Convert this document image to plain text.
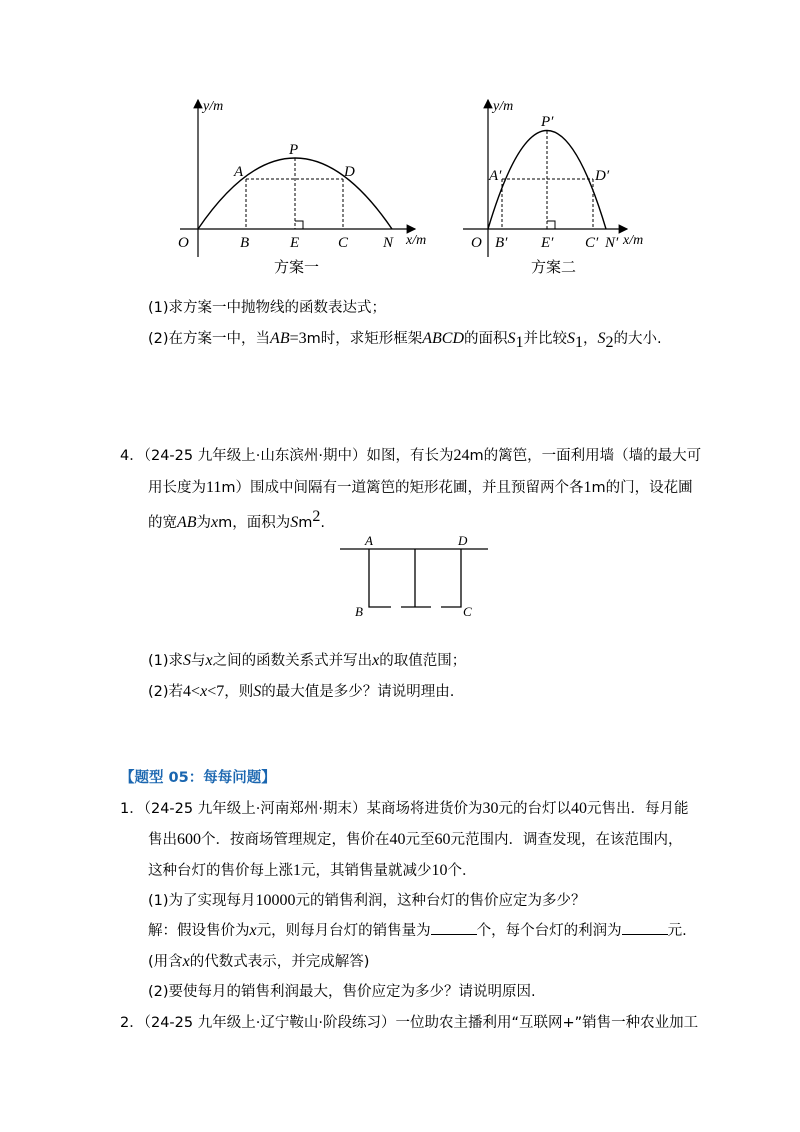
y/m
x/m
O
A
P
D
B	E	C N
方案一
y/m
x/m
O
A′
P′
D′
B′ E′ C′ N′
方案二
(1)求方案一中抛物线的函数表达式；
(2)在方案一中，当AB=3m时，求矩形框架ABCD的面积$S_1$并比较$S_1$，$S_2$的大小.
4．（24-25 九年级上·山东滨州·期中）如图，有长为24m的篱笆，一面利用墙（墙的最大可
用长度为11m）围成中间隔有一道篱笆的矩形花圃，并且预留两个各1m的门，设花圃
的宽AB为xm，面积为Sm$^2$.
A	D
B	C
(1)求S与x之间的函数关系式并写出x的取值范围；
(2)若4<x<7，则S的最大值是多少？请说明理由.
【题型 05：每每问题】
1．（24-25 九年级上·河南郑州·期末）某商场将进货价为30元的台灯以40元售出．每月能
售出600个．按商场管理规定，售价在40元至60元范围内．调查发现，在该范围内，
这种台灯的售价每上涨1元，其销售量就减少10个．
(1)为了实现每月10000元的销售利润，这种台灯的售价应定为多少？
解：假设售价为x元，则每月台灯的销售量为	个，每个台灯的利润为	元.
(用含x的代数式表示，并完成解答)
(2)要使每月的销售利润最大，售价应定为多少？请说明原因.
2．（24-25 九年级上·辽宁鞍山·阶段练习）一位助农主播利用“互联网+”销售一种农业加工
